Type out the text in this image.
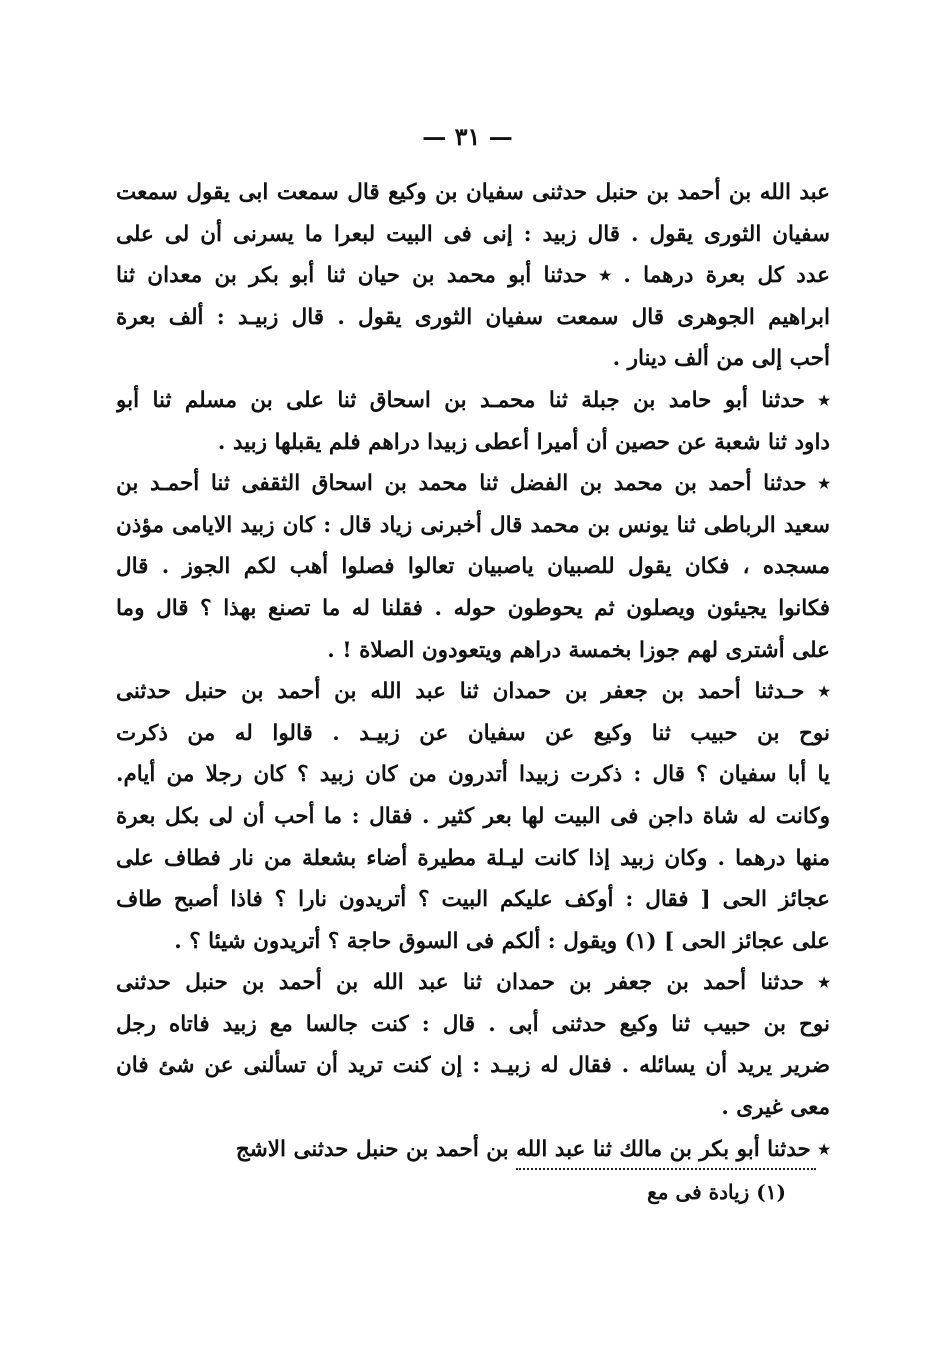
— ٣١ —
عبد الله بن أحمد بن حنبل حدثنى سفيان بن وكيع قال سمعت ابى يقول سمعت
سفيان الثورى يقول . قال زبيد : إنى فى البيت لبعرا ما يسرنى أن لى على
عدد كل بعرة درهما . ٭ حدثنا أبو محمد بن حيان ثنا أبو بكر بن معدان ثنا
ابراهيم الجوهرى قال سمعت سفيان الثورى يقول . قال زبيـد : ألف بعرة
أحب إلى من ألف دينار .
٭ حدثنا أبو حامد بن جبلة ثنا محمـد بن اسحاق ثنا على بن مسلم ثنا أبو
داود ثنا شعبة عن حصين أن أميرا أعطى زبيدا دراهم فلم يقبلها زبيد .
٭ حدثنا أحمد بن محمد بن الفضل ثنا محمد بن اسحاق الثقفى ثنا أحمـد بن
سعيد الرباطى ثنا يونس بن محمد قال أخبرنى زياد قال : كان زبيد الايامى مؤذن
مسجده ، فكان يقول للصبيان ياصبيان تعالوا فصلوا أهب لكم الجوز . قال
فكانوا يجيئون ويصلون ثم يحوطون حوله . فقلنا له ما تصنع بهذا ؟ قال وما
على أشترى لهم جوزا بخمسة دراهم ويتعودون الصلاة ! .
٭ حـدثنا أحمد بن جعفر بن حمدان ثنا عبد الله بن أحمد بن حنبل حدثنى
نوح بن حبيب ثنا وكيع عن سفيان عن زبيـد . قالوا له من ذكرت
يا أبا سفيان ؟ قال : ذكرت زبيدا أتدرون من كان زبيد ؟ كان رجلا من أيام.
وكانت له شاة داجن فى البيت لها بعر كثير . فقال : ما أحب أن لى بكل بعرة
منها درهما . وكان زبيد إذا كانت ليـلة مطيرة أضاء بشعلة من نار فطاف على
عجائز الحى [ فقال : أوكف عليكم البيت ؟ أتريدون نارا ؟ فاذا أصبح طاف
على عجائز الحى ] (١) ويقول : ألكم فى السوق حاجة ؟ أتريدون شيئا ؟ .
٭ حدثنا أحمد بن جعفر بن حمدان ثنا عبد الله بن أحمد بن حنبل حدثنى
نوح بن حبيب ثنا وكيع حدثنى أبى . قال : كنت جالسا مع زبيد فاتاه رجل
ضرير يريد أن يسائله . فقال له زبيـد : إن كنت تريد أن تسألنى عن شئ فان
معى غيرى .
٭ حدثنا أبو بكر بن مالك ثنا عبد الله بن أحمد بن حنبل حدثنى الاشج
(١) زيادة فى مع
